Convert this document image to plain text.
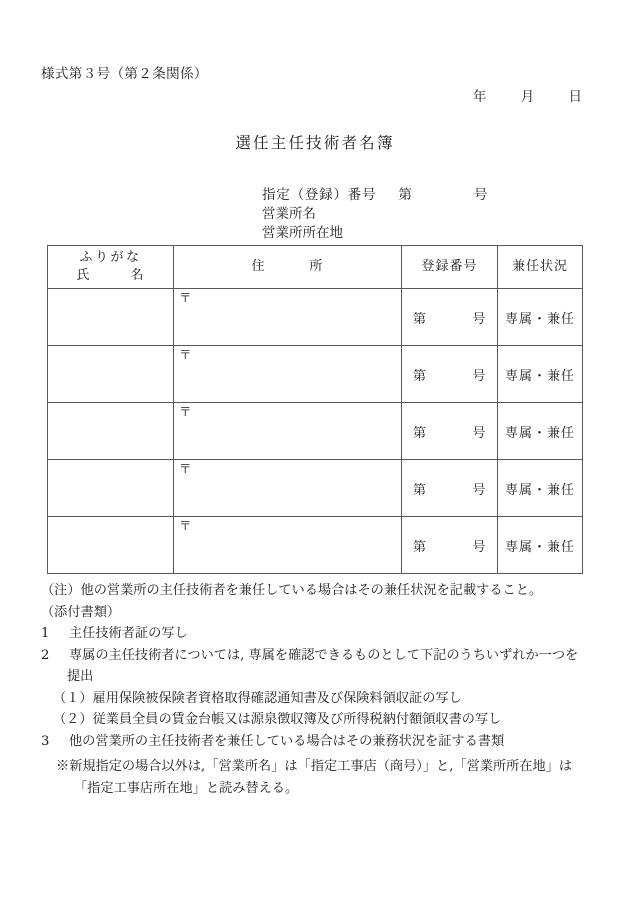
様式第３号（第２条関係）
年	月	日
選任主任技術者名簿
指定（登録）番号 第	号
営業所名
営業所所在地
ふりがな
氏 名	住 所	登録番号	兼任状況

	〒	第 号	専属・兼任

	〒	第 号	専属・兼任

	〒	第 号	専属・兼任

	〒	第 号	専属・兼任

	〒	第 号	専属・兼任
（注）他の営業所の主任技術者を兼任している場合はその兼任状況を記載すること。
（添付書類）
1 主任技術者証の写し
2 専属の主任技術者については, 専属を確認できるものとして下記のうちいずれか一つを
提出
（１）雇用保険被保険者資格取得確認通知書及び保険料領収証の写し
（２）従業員全員の賃金台帳又は源泉徴収簿及び所得税納付額領収書の写し
3 他の営業所の主任技術者を兼任している場合はその兼務状況を証する書類
※新規指定の場合以外は,「営業所名」は「指定工事店（商号）」と,「営業所所在地」は
「指定工事店所在地」と読み替える。
